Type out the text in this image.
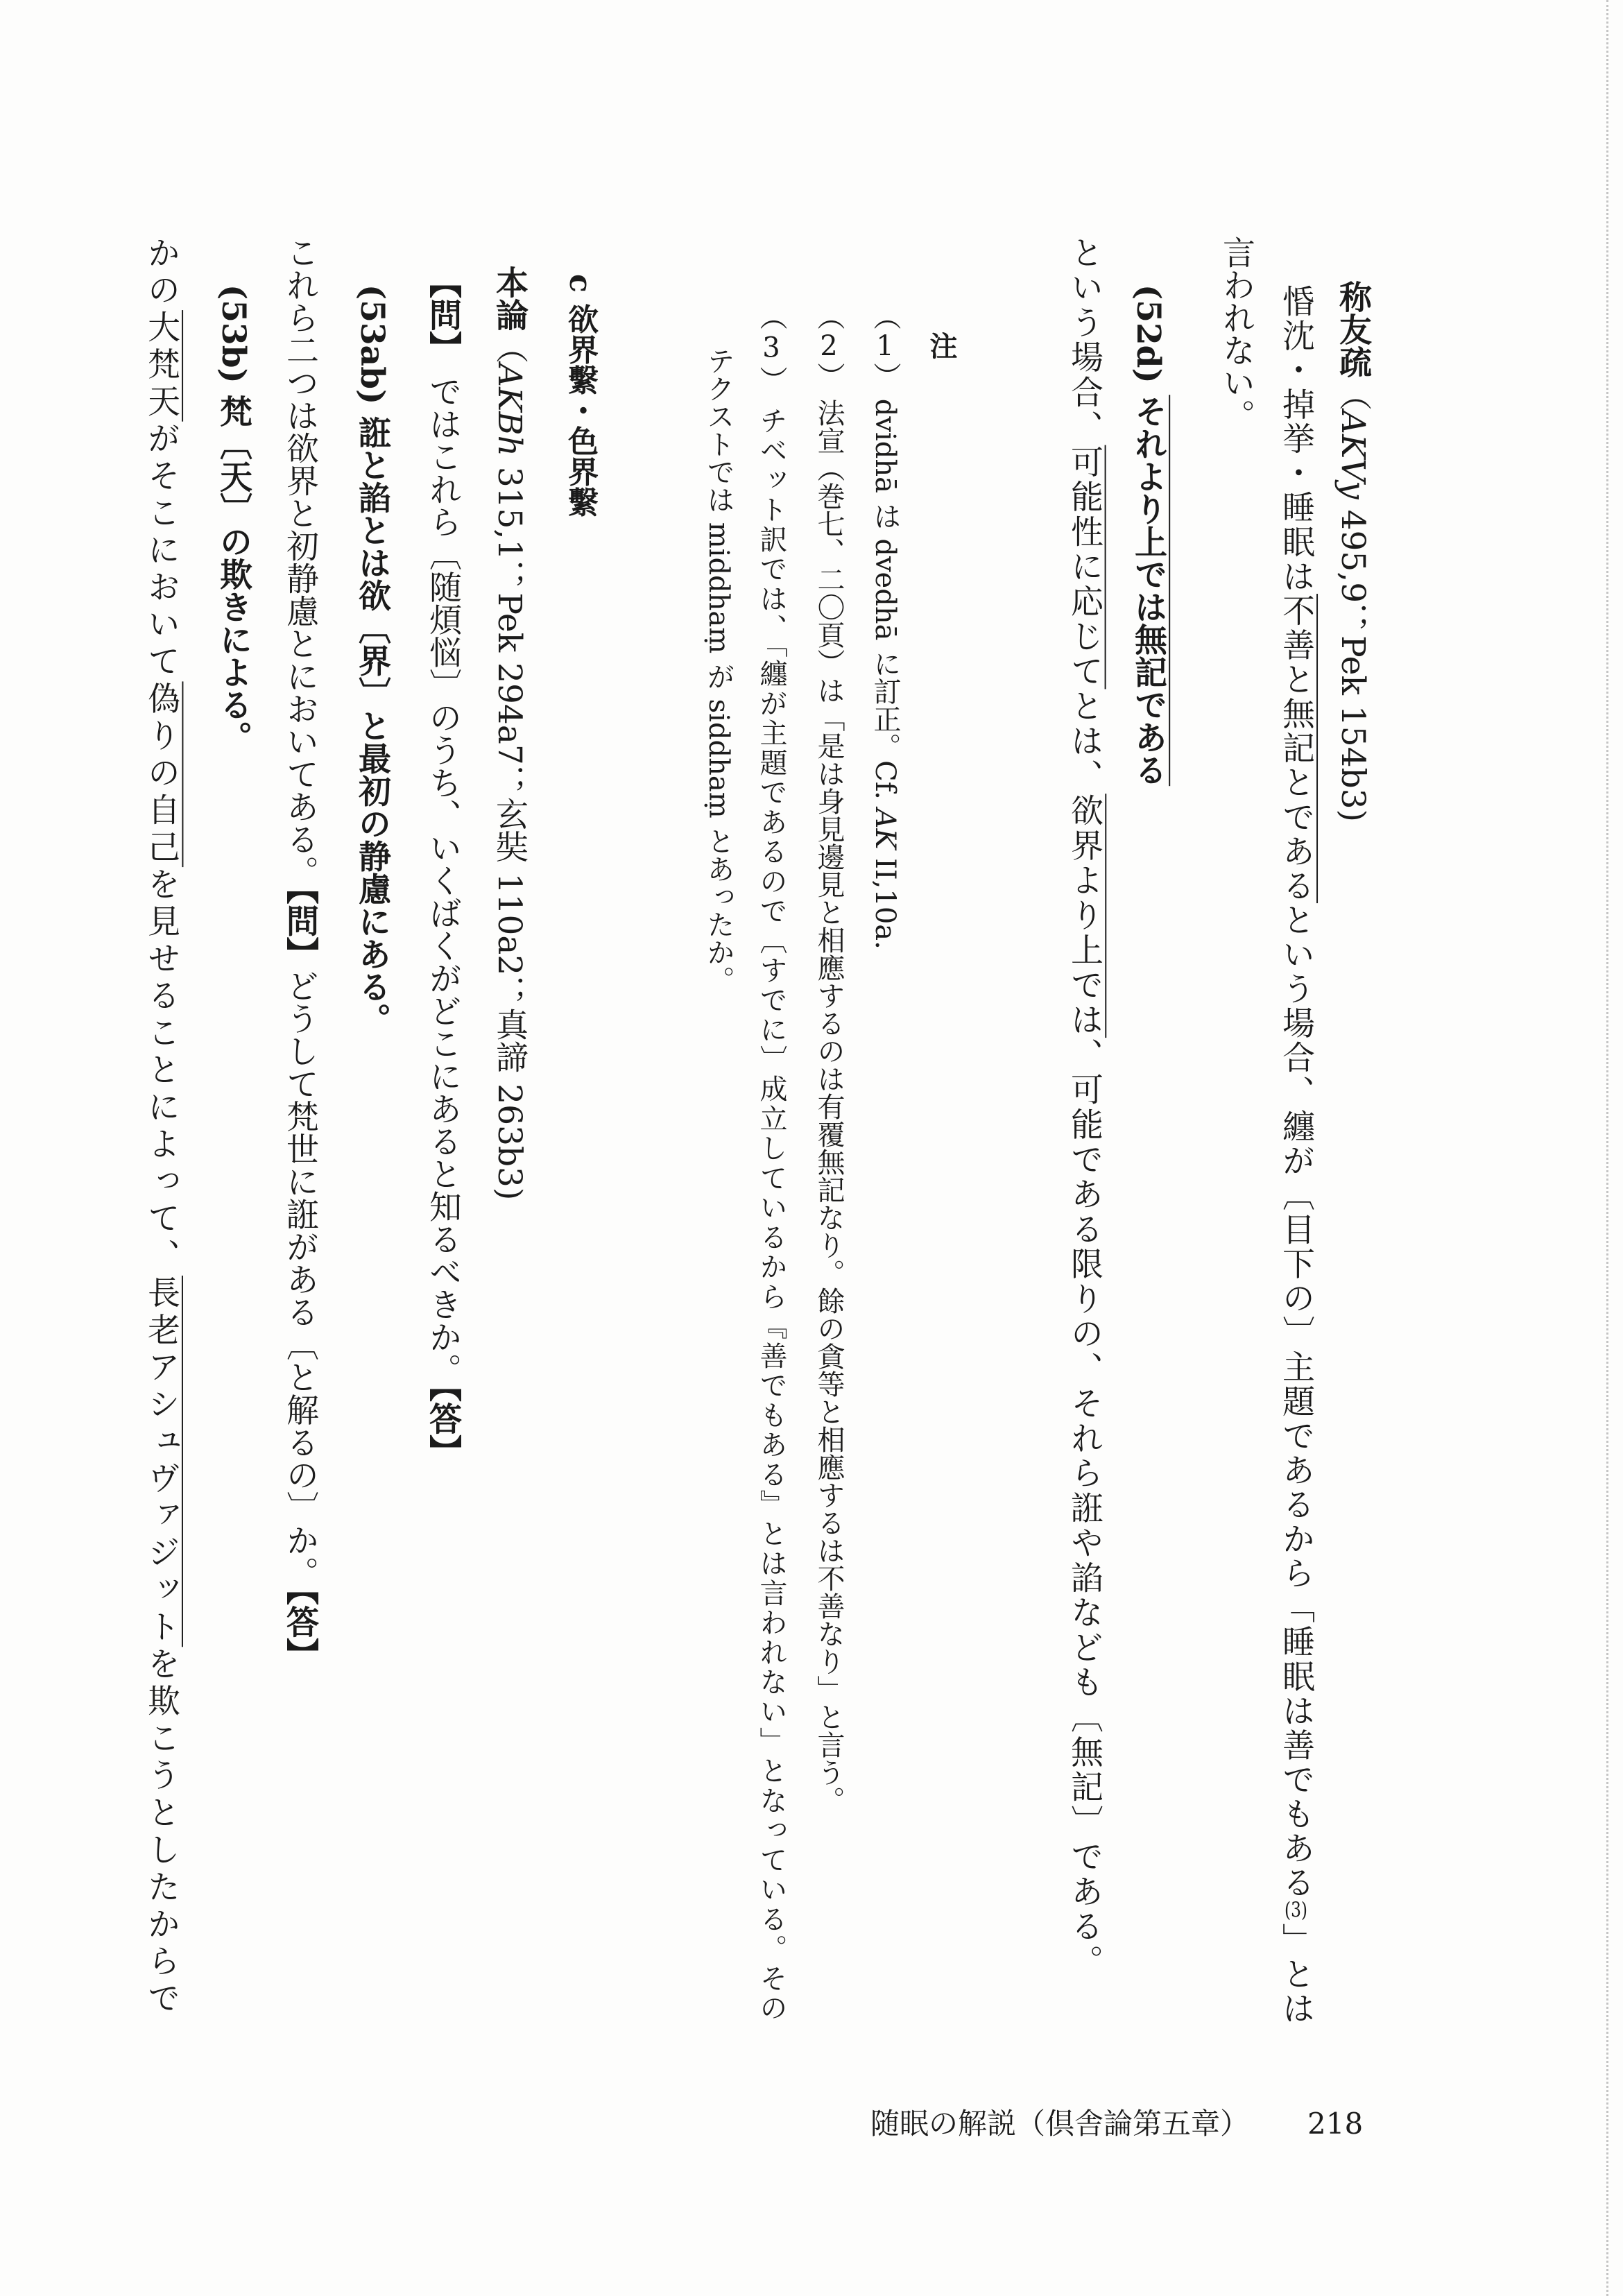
称友疏（AKVy 495,9；Pek 154b3)
惛沈・掉挙・睡眠は不善と無記とであるという場合、纏が〔目下の〕主題であるから「睡眠は善でもある(3)」とは
言われない。
(52d)それより上では無記である
という場合、可能性に応じてとは、欲界より上では、可能である限りの、それら誑や諂なども〔無記〕である。
注
（1） dvidhā は dvedhā に訂正。Cf. AK II,10a.
（2） 法宣（巻七、二〇頁）は「是は身見邊見と相應するのは有覆無記なり。餘の貪等と相應するは不善なり」と言う。
（3） チベット訳では、「纏が主題であるので〔すでに〕成立しているから『善でもある』とは言われない」となっている。その
テクストでは middhaṃ が siddhaṃ とあったか。
c欲界繫・色界繫
本論（AKBh 315,1；Pek 294a7；玄奘 110a2；真諦 263b3)
【問】ではこれら〔随煩悩〕のうち、いくばくがどこにあると知るべきか。【答】
(53ab)誑と諂とは欲〔界〕と最初の静慮にある。
これら二つは欲界と初静慮とにおいてある。【問】どうして梵世に誑がある〔と解るの〕か。【答】
(53b)梵〔天〕の欺きによる。
かの大梵天がそこにおいて偽りの自己を見せることによって、長老アシュヴァジットを欺こうとしたからで
随眠の解説（倶舎論第五章） 218
